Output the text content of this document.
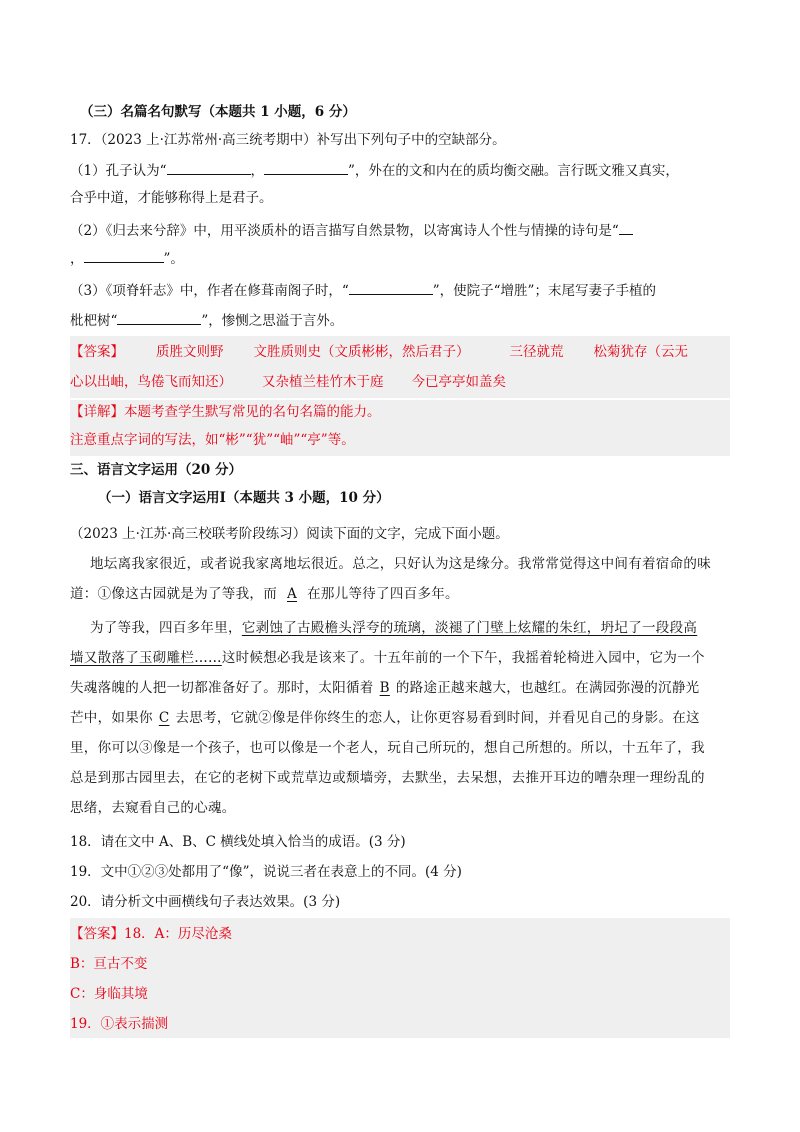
（三）名篇名句默写（本题共 1 小题，6 分）
17．（2023 上·江苏常州·高三统考期中）补写出下列句子中的空缺部分。
（1）孔子认为“	，	”，外在的文和内在的质均衡交融。言行既文雅又真实，
合乎中道，才能够称得上是君子。
（2）《归去来兮辞》中，用平淡质朴的语言描写自然景物，以寄寓诗人个性与情操的诗句是“
，	”。
（3）《项脊轩志》中，作者在修葺南阁子时，“	”，使院子“增胜”；末尾写妻子手植的
枇杷树“	”，惨恻之思溢于言外。
【答案】 质胜文则野 文胜质则史（文质彬彬，然后君子）	三径就荒 松菊犹存（云无
心以出岫，鸟倦飞而知还） 又杂植兰桂竹木于庭 今已亭亭如盖矣
【详解】本题考查学生默写常见的名句名篇的能力。
注意重点字词的写法，如“彬”“犹”“岫”“亭”等。
三、语言文字运用（20 分）
（一）语言文字运用Ⅰ（本题共 3 小题，10 分）
（2023 上·江苏·高三校联考阶段练习）阅读下面的文字，完成下面小题。
地坛离我家很近，或者说我家离地坛很近。总之，只好认为这是缘分。我常常觉得这中间有着宿命的味
道：①像这古园就是为了等我，而 A 在那儿等待了四百多年。
为了等我，四百多年里，它剥蚀了古殿檐头浮夸的琉璃，淡褪了门壁上炫耀的朱红，坍圮了一段段高
墙又散落了玉砌雕栏……这时候想必我是该来了。十五年前的一个下午，我摇着轮椅进入园中，它为一个
失魂落魄的人把一切都准备好了。那时，太阳循着 B 的路途正越来越大，也越红。在满园弥漫的沉静光
芒中，如果你 C 去思考，它就②像是伴你终生的恋人，让你更容易看到时间，并看见自己的身影。在这
里，你可以③像是一个孩子，也可以像是一个老人，玩自己所玩的，想自己所想的。所以，十五年了，我
总是到那古园里去，在它的老树下或荒草边或颓墙旁，去默坐，去呆想，去推开耳边的嘈杂理一理纷乱的
思绪，去窥看自己的心魂。
18．请在文中 A、B、C 横线处填入恰当的成语。(3 分)
19．文中①②③处都用了“像”，说说三者在表意上的不同。(4 分)
20．请分析文中画横线句子表达效果。(3 分)
【答案】18．A：历尽沧桑
B：亘古不变
C：身临其境
19．①表示揣测
